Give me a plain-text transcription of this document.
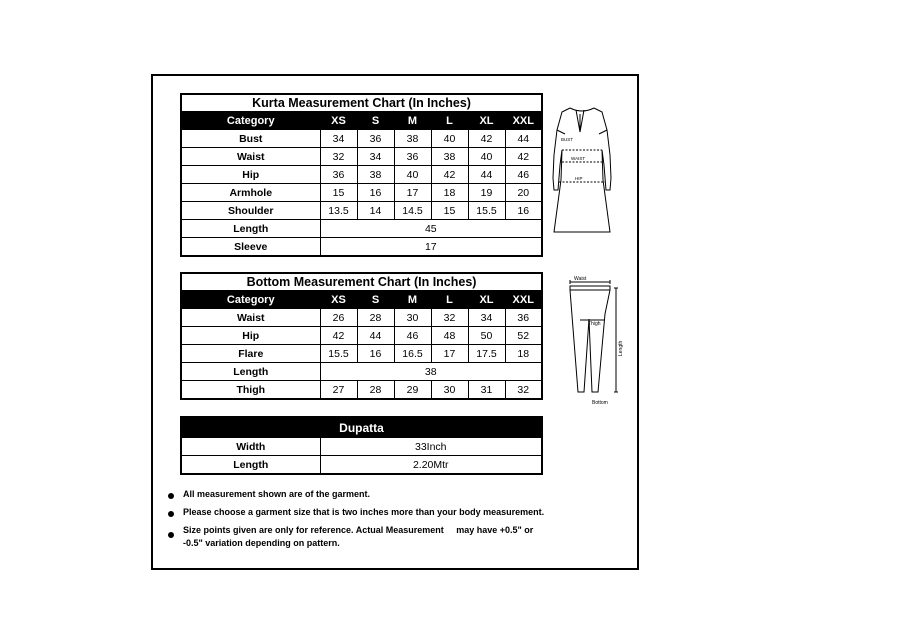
Kurta Measurement Chart (In Inches)						
Category	XS	S	M	L	XL	XXL
Bust	34	36	38	40	42	44
Waist	32	34	36	38	40	42
Hip	36	38	40	42	44	46
Armhole	15	16	17	18	19	20
Shoulder	13.5	14	14.5	15	15.5	16
Length	45					
Sleeve	17					
BUST
WAIST
HIP
Bottom Measurement Chart (In Inches)						
Category	XS	S	M	L	XL	XXL
Waist	26	28	30	32	34	36
Hip	42	44	46	48	50	52
Flare	15.5	16	16.5	17	17.5	18
Length	38					
Thigh	27	28	29	30	31	32
Waist
Thigh
Length
Bottom
Dupatta	
Width	33Inch
Length	2.20Mtr
All measurement shown are of the garment.
Please choose a garment size that is two inches more than your body measurement.
Size points given are only for reference. Actual Measurement     may have +0.5" or -0.5" variation depending on pattern.
